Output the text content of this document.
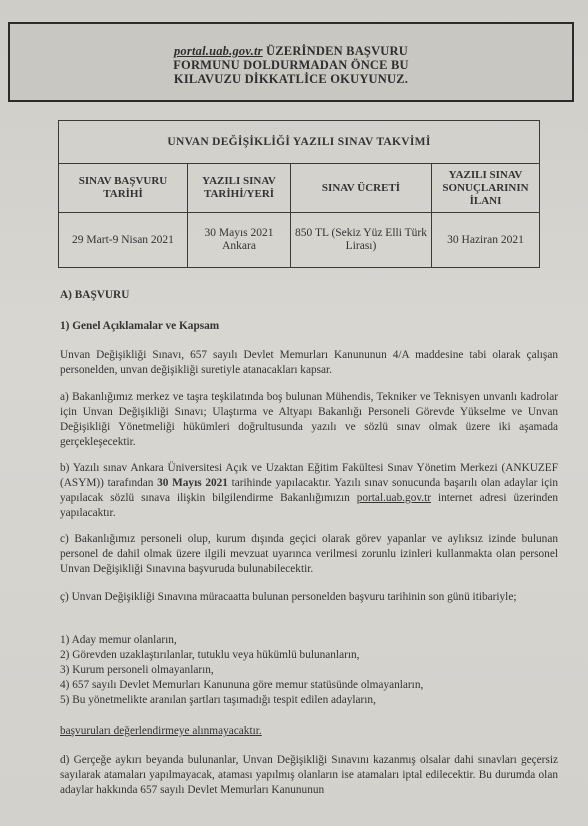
portal.uab.gov.tr ÜZERİNDEN BAŞVURU
FORMUNU DOLDURMADAN ÖNCE BU
KILAVUZU DİKKATLİCE OKUYUNUZ.
UNVAN DEĞİŞİKLİĞİ YAZILI SINAV TAKVİMİ			
SINAV BAŞVURU TARİHİ	YAZILI SINAV TARİHİ/YERİ	SINAV ÜCRETİ	YAZILI SINAV SONUÇLARININ İLANI
29 Mart-9 Nisan 2021	30 Mayıs 2021 Ankara	850 TL (Sekiz Yüz Elli Türk Lirası)	30 Haziran 2021
A) BAŞVURU
1) Genel Açıklamalar ve Kapsam
Unvan Değişikliği Sınavı, 657 sayılı Devlet Memurları Kanununun 4/A maddesine tabi olarak çalışan personelden, unvan değişikliği suretiyle atanacakları kapsar.
a) Bakanlığımız merkez ve taşra teşkilatında boş bulunan Mühendis, Tekniker ve Teknisyen unvanlı kadrolar için Unvan Değişikliği Sınavı; Ulaştırma ve Altyapı Bakanlığı Personeli Görevde Yükselme ve Unvan Değişikliği Yönetmeliği hükümleri doğrultusunda yazılı ve sözlü sınav olmak üzere iki aşamada gerçekleşecektir.
b) Yazılı sınav Ankara Üniversitesi Açık ve Uzaktan Eğitim Fakültesi Sınav Yönetim Merkezi (ANKUZEF (ASYM)) tarafından 30 Mayıs 2021 tarihinde yapılacaktır. Yazılı sınav sonucunda başarılı olan adaylar için yapılacak sözlü sınava ilişkin bilgilendirme Bakanlığımızın portal.uab.gov.tr internet adresi üzerinden yapılacaktır.
c) Bakanlığımız personeli olup, kurum dışında geçici olarak görev yapanlar ve aylıksız izinde bulunan personel de dahil olmak üzere ilgili mevzuat uyarınca verilmesi zorunlu izinleri kullanmakta olan personel Unvan Değişikliği Sınavına başvuruda bulunabilecektir.
ç) Unvan Değişikliği Sınavına müracaatta bulunan personelden başvuru tarihinin son günü itibariyle;
1) Aday memur olanların,
2) Görevden uzaklaştırılanlar, tutuklu veya hükümlü bulunanların,
3) Kurum personeli olmayanların,
4) 657 sayılı Devlet Memurları Kanununa göre memur statüsünde olmayanların,
5) Bu yönetmelikte aranılan şartları taşımadığı tespit edilen adayların,
başvuruları değerlendirmeye alınmayacaktır.
d) Gerçeğe aykırı beyanda bulunanlar, Unvan Değişikliği Sınavını kazanmış olsalar dahi sınavları geçersiz sayılarak atamaları yapılmayacak, ataması yapılmış olanların ise atamaları iptal edilecektir. Bu durumda olan adaylar hakkında 657 sayılı Devlet Memurları Kanununun
